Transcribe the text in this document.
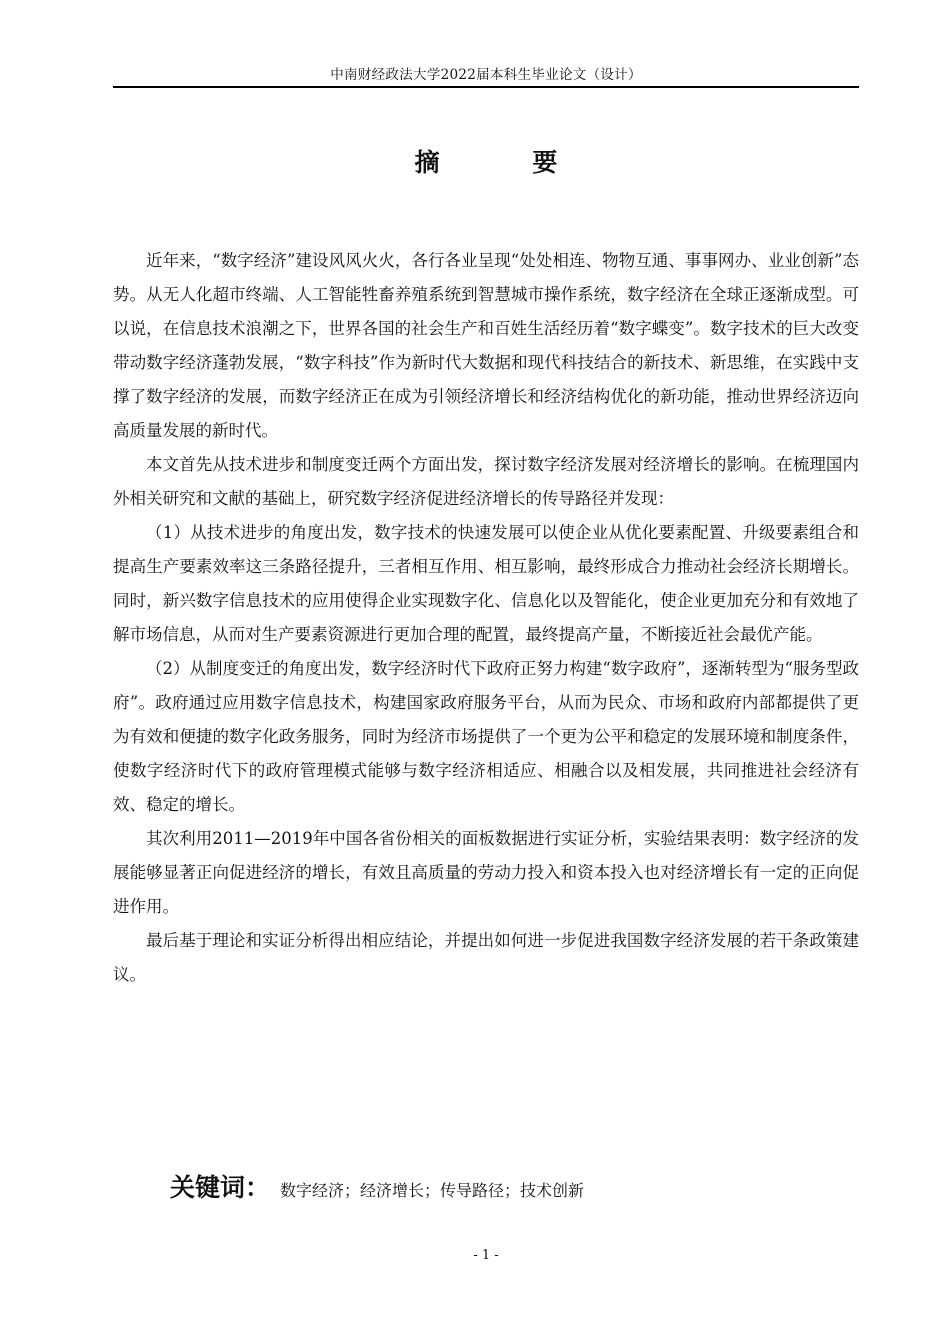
中南财经政法大学2022届本科生毕业论文（设计）
摘 要

近年来，“数字经济”建设风风火火，各行各业呈现“处处相连、物物互通、事事网办、业业创新”态势。从无人化超市终端、人工智能牲畜养殖系统到智慧城市操作系统，数字经济在全球正逐渐成型。可以说，在信息技术浪潮之下，世界各国的社会生产和百姓生活经历着“数字蝶变”。数字技术的巨大改变带动数字经济蓬勃发展，“数字科技”作为新时代大数据和现代科技结合的新技术、新思维，在实践中支撑了数字经济的发展，而数字经济正在成为引领经济增长和经济结构优化的新功能，推动世界经济迈向高质量发展的新时代。

本文首先从技术进步和制度变迁两个方面出发，探讨数字经济发展对经济增长的影响。在梳理国内外相关研究和文献的基础上，研究数字经济促进经济增长的传导路径并发现：

（1）从技术进步的角度出发，数字技术的快速发展可以使企业从优化要素配置、升级要素组合和提高生产要素效率这三条路径提升，三者相互作用、相互影响，最终形成合力推动社会经济长期增长。同时，新兴数字信息技术的应用使得企业实现数字化、信息化以及智能化，使企业更加充分和有效地了解市场信息，从而对生产要素资源进行更加合理的配置，最终提高产量，不断接近社会最优产能。

（2）从制度变迁的角度出发，数字经济时代下政府正努力构建“数字政府”，逐渐转型为“服务型政府”。政府通过应用数字信息技术，构建国家政府服务平台，从而为民众、市场和政府内部都提供了更为有效和便捷的数字化政务服务，同时为经济市场提供了一个更为公平和稳定的发展环境和制度条件，使数字经济时代下的政府管理模式能够与数字经济相适应、相融合以及相发展，共同推进社会经济有效、稳定的增长。

其次利用2011—2019年中国各省份相关的面板数据进行实证分析，实验结果表明：数字经济的发展能够显著正向促进经济的增长，有效且高质量的劳动力投入和资本投入也对经济增长有一定的正向促进作用。

最后基于理论和实证分析得出相应结论，并提出如何进一步促进我国数字经济发展的若干条政策建议。

关键词： 数字经济；经济增长；传导路径；技术创新
- 1 -
